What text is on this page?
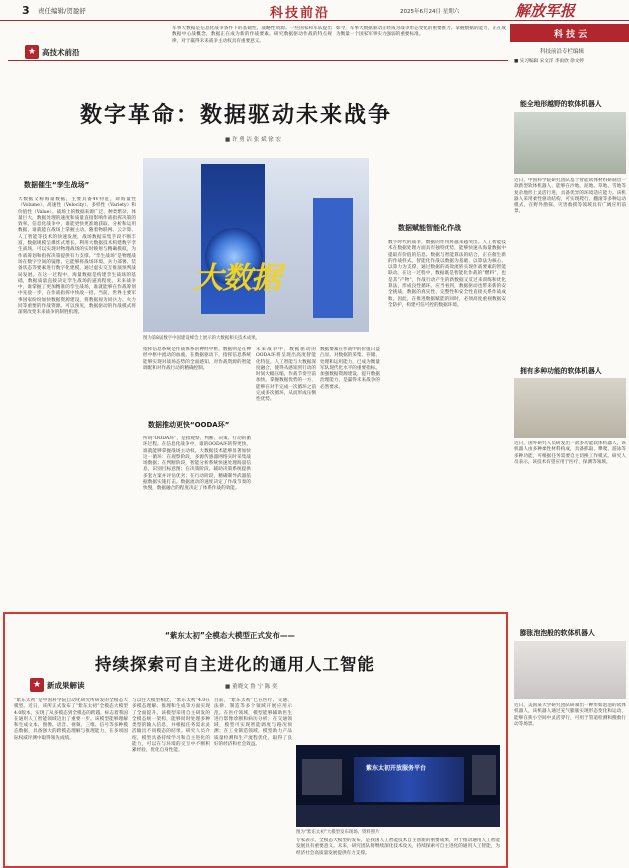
3 责任编辑/贺盈舒	科技前沿	2025年6月24日 星期六	解放军报
军事大数据是信息化战争条件下的基础性、战略性资源。一些国家和军队提出数据中心战概念，数据正在成为新的作战要素。研究数据驱动作战的特点规律，对于赢得未来战争主动权具有重要意义。
如今，军事大数据驱动正经成为战争形态变化的重要推力。掌握数据的能力，正在成为衡量一个国家军事实力强弱的重要标准。
★ 高技术前沿
数字革命：数据驱动未来战争
■ 许 勇 洁 张 斌 徐 宏
数据催生“孪生战场”
大数据又称海量数据，主要具备4V特征，即海量性（Volume）、高速性（Velocity）、多样性（Variety）和价值性（Value）。战场上的数据来源广泛、种类繁杂、体量巨大，数据处理的速度和质量直接影响作战指挥决策的效率。信息化战争中，谁能更快更准地获取、分析和运用数据，谁就能在战场上掌握主动。随着物联网、云计算、人工智能等技术的快速发展，战场数据采集手段不断丰富，数据规模呈爆炸式增长。利用大数据技术构建数字孪生战场，可以实现对物理战场的实时映射与精确模拟，为作战筹划和指挥决策提供有力支撑。“孪生战场”是物理战场在数字空间的镜像，它能够将战场环境、兵力部署、装备状态等要素进行数字化建模，通过虚实交互推演预判战局发展。在这一过程中，海量数据是构建孪生战场的基础，数据质量直接决定孪生战场的逼真程度。未来战争中，谁掌握了更加精准的孪生战场，谁就能够在作战筹划中先敌一步，在作战指挥中快敌一招。当前，世界主要军事国家纷纷加快数据资源建设，将数据视为同兵力、火力同等重要的作战资源。可以预见，数据驱动的作战模式将深刻改变未来战争的制胜机理。
大数据
图为第8届数字中国建设峰会上展示的大数据相关技术成果。
指挥信息系统是作战体系的神经中枢，数据则是在神经中枢中流动的血液。在数据驱动下，指挥信息系统能够实现对战场态势的全面感知、对作战资源的智能调配和对作战行动的精确控制。
数据推动更快“OODA环”
所谓“OODA环”，是指观察、判断、决策、行动的循环过程。在信息化战争中，谁的OODA环转得更快，谁就能够掌握战场主动权。大数据技术能够显著加快这一循环：在观察阶段，多源传感器网络实时采集战场数据；在判断阶段，智能分析系统快速处理海量信息、识别目标意图；在决策阶段，辅助决策系统提供多套方案并评估优劣；在行动阶段，精确制导武器依据数据实施打击。数据流动的速度决定了作战节奏的快慢，数据融合的程度决定了体系作战的效能。
未来战争中，数据驱动的OODA环将呈现出高度智能化特征。人工智能与大数据深度融合，使得从感知到行动的时间大幅压缩，作战节奏空前加快。掌握数据优势的一方，能够在对手完成一次循环之前完成多次循环，从而形成压倒性优势。
数据要素在作战中的价值日益凸显。对数据的采集、存储、处理和运用能力，已成为衡量军队现代化水平的重要指标。加强数据资源建设、提升数据治理能力，是赢得未来战争的必然要求。
数据赋能智能化作战
数字时代的战争，数据的作用将越来越突出。人工智能技术在数据处理方面具有独特优势，能够快速从海量数据中提取有价值的信息。数据与智能算法的结合，正在催生新的作战样式。智能化作战以数据为基础、以算法为核心、以算力为支撑，通过数据的高效流转实现作战要素的智能联动。在这一过程中，数据既是智能化作战的“燃料”，也是其“产物”，作战行动产生的新数据又反过来训练和优化算法，形成良性循环。应当看到，数据驱动也带来新的安全挑战，数据的真实性、完整性和安全性直接关系作战成败。因此，在推进数据赋能的同时，必须高度重视数据安全防护，构建可信可控的数据环境。
科 技 云
科技前沿专栏编辑
■ 实习编辑 宋文洋 李雨欣 徐文婷
能全地形越野的软体机器人
近日，中国科学院研究团队基于智能软体材料研制出一款新型软体机器人，能够在沙地、泥地、草地、雪地等复杂地形上灵活行进，具备优异的环境适应能力。该机器人采用柔性驱动结构，可实现爬行、翻滚等多种运动模式，在野外勘探、灾害救援等领域具有广阔应用前景。
拥有多种功能的软体机器人
近日，国外研究人员研发出一款多功能软体机器人，该机器人由多种柔性材料构成，具备抓取、攀爬、游泳等多种功能，可根据任务需要自主切换工作模式。研究人员表示，该技术有望应用于医疗、探测等领域。
膨胀泡泡般的软体机器人
近日，美国某大学研究团队研制出一种形如泡泡的软体机器人，该机器人通过充气膨胀实现形态变化和运动，能够在狭小空间中灵活穿行，可用于管道检测和搜救行动等场景。
“紫东太初”全模态大模型正式发布——
持续探索可自主进化的通用人工智能
■ 董晓文 鲁 宁 陈 奕
★ 新成果解读
“紫东太初”是中国科学院自动化研究所研发的全模态大模型。近日，该所正式发布了“紫东太初”全模态大模型4.0版本，实现了从多模态到全模态的跨越，标志着我国在通用人工智能领域迈出了重要一步。该模型能够理解和生成文本、图像、语音、视频、三维、信号等多种模态数据，具备强大的跨模态理解与推理能力，在多项国际权威评测中取得领先成绩。
与以往大模型相比，“紫东太初”4.0在多模态理解、推理和生成等方面实现了全面提升。该模型采用自主研发的全模态统一架构，能够同时处理多种类型的输入信息，并根据任务需求灵活输出不同模态的结果。研究人员介绍，模型具备持续学习和自主进化的能力，可以在与环境的交互中不断积累经验、优化自身性能。
目前，“紫东太初”已在医疗、交通、法律、制造等多个领域开展应用示范。在医疗领域，模型能够辅助医生进行影像诊断和病历分析；在交通领域，模型可实现智能调度与路况预测；在工业制造领域，模型助力产品质量检测和生产流程优化，取得了良好的经济和社会效益。
紫东太初开放服务平台
图为“紫东太初”大模型发布现场。资料照片
专家表示，全模态大模型的发布，是我国人工智能技术自主创新的重要成果，对于推动通用人工智能发展具有重要意义。未来，研究团队将继续深化技术攻关，持续探索可自主进化的通用人工智能，为经济社会高质量发展提供有力支撑。
